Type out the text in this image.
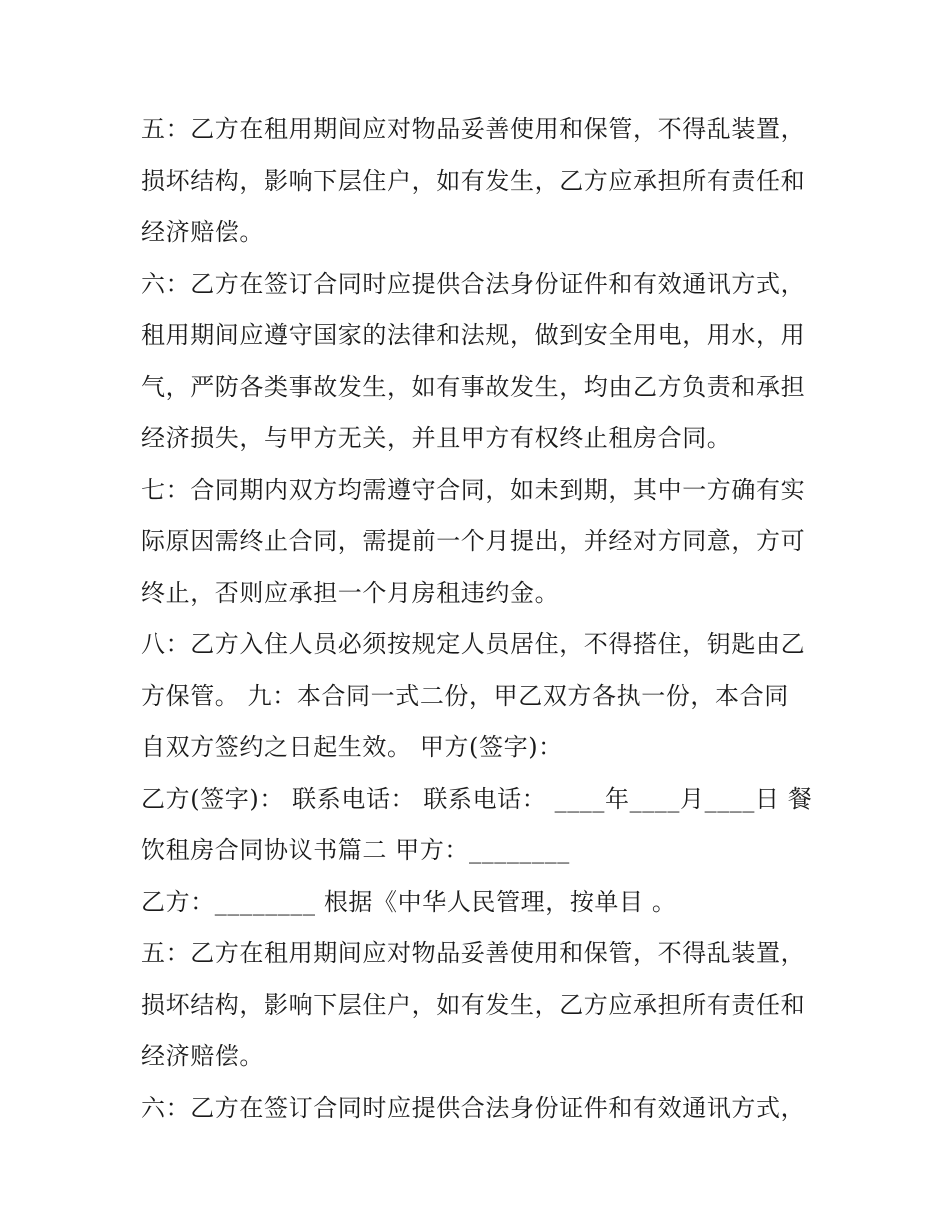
五：乙方在租用期间应对物品妥善使用和保管，不得乱装置，
损坏结构，影响下层住户，如有发生，乙方应承担所有责任和
经济赔偿。
六：乙方在签订合同时应提供合法身份证件和有效通讯方式，
租用期间应遵守国家的法律和法规，做到安全用电，用水，用
气，严防各类事故发生，如有事故发生，均由乙方负责和承担
经济损失，与甲方无关，并且甲方有权终止租房合同。
七：合同期内双方均需遵守合同，如未到期，其中一方确有实
际原因需终止合同，需提前一个月提出，并经对方同意，方可
终止，否则应承担一个月房租违约金。
八：乙方入住人员必须按规定人员居住，不得搭住，钥匙由乙
方保管。 九：本合同一式二份，甲乙双方各执一份，本合同
自双方签约之日起生效。 甲方(签字)：
乙方(签字)： 联系电话： 联系电话： ____年____月____日 餐
饮租房合同协议书篇二 甲方：________
乙方：________ 根据《中华人民管理，按单目 。
五：乙方在租用期间应对物品妥善使用和保管，不得乱装置，
损坏结构，影响下层住户，如有发生，乙方应承担所有责任和
经济赔偿。
六：乙方在签订合同时应提供合法身份证件和有效通讯方式，
